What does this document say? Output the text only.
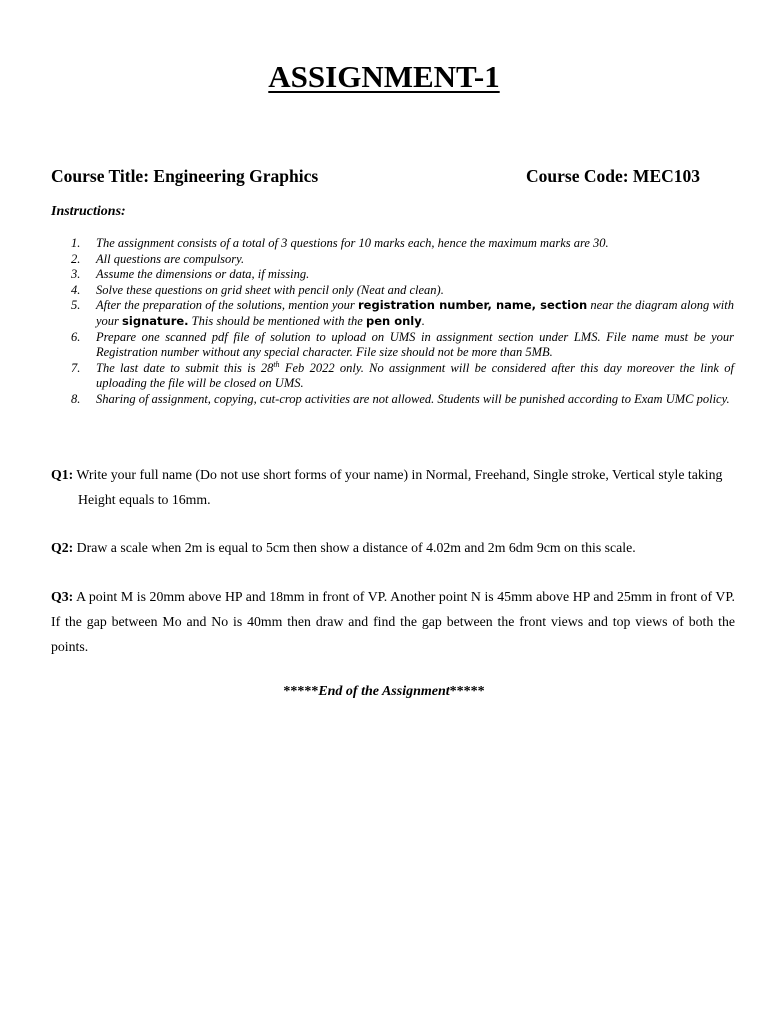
ASSIGNMENT-1
Course Title: Engineering Graphics	Course Code: MEC103
Instructions:
1. The assignment consists of a total of 3 questions for 10 marks each, hence the maximum marks are 30.
2. All questions are compulsory.
3. Assume the dimensions or data, if missing.
4. Solve these questions on grid sheet with pencil only (Neat and clean).
5. After the preparation of the solutions, mention your registration number, name, section near the diagram along with your signature. This should be mentioned with the pen only.
6. Prepare one scanned pdf file of solution to upload on UMS in assignment section under LMS. File name must be your Registration number without any special character. File size should not be more than 5MB.
7. The last date to submit this is 28th Feb 2022 only. No assignment will be considered after this day moreover the link of uploading the file will be closed on UMS.
8. Sharing of assignment, copying, cut-crop activities are not allowed. Students will be punished according to Exam UMC policy.
Q1: Write your full name (Do not use short forms of your name) in Normal, Freehand, Single stroke, Vertical style taking
Height equals to 16mm.
Q2: Draw a scale when 2m is equal to 5cm then show a distance of 4.02m and 2m 6dm 9cm on this scale.
Q3: A point M is 20mm above HP and 18mm in front of VP. Another point N is 45mm above HP and 25mm in front of VP. If the gap between Mo and No is 40mm then draw and find the gap between the front views and top views of both the points.
*****End of the Assignment*****
